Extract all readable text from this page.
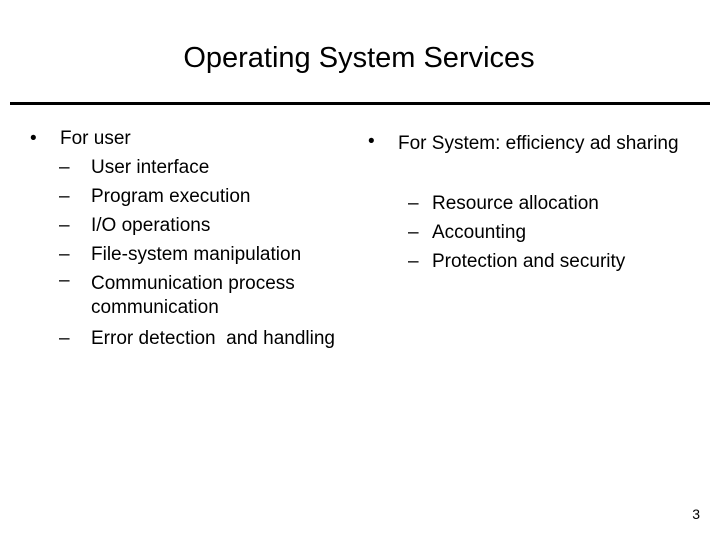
Operating System Services
• For user
– User interface
– Program execution
– I/O operations
– File-system manipulation
– Communication process communication
– Error detection  and handling
• For System: efficiency ad sharing
– Resource allocation
– Accounting
– Protection and security
3
